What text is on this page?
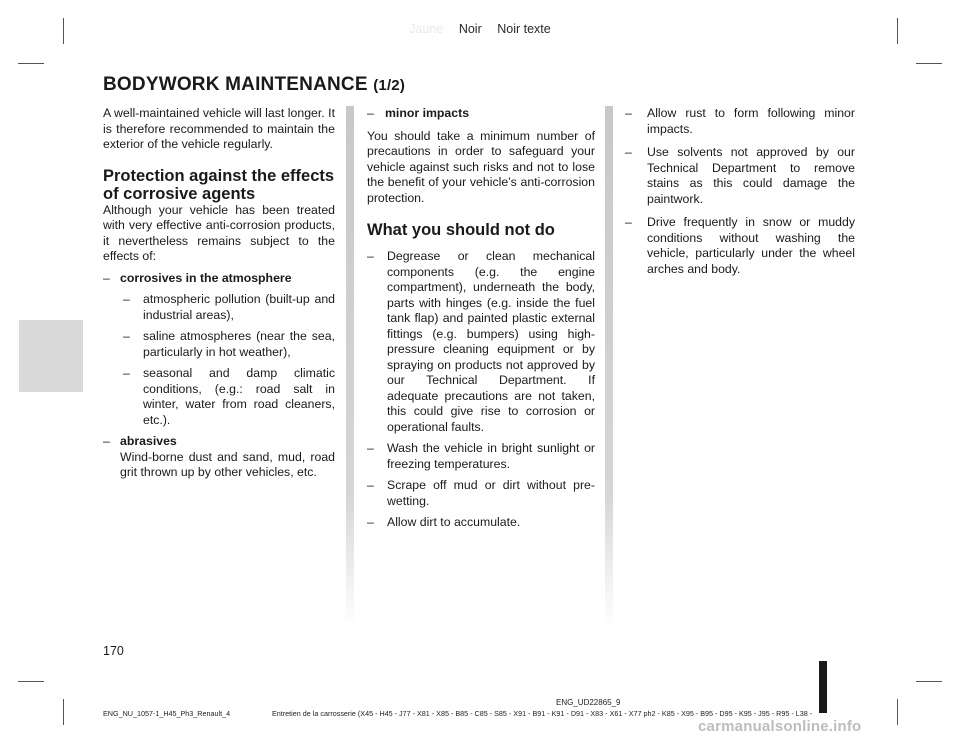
Jaune Noir Noir texte
BODYWORK MAINTENANCE (1/2)

A well-maintained vehicle will last longer. It is therefore recommended to maintain the exterior of the vehicle regularly.

Protection against the effects of corrosive agents

Although your vehicle has been treated with very effective anti-corrosion products, it nevertheless remains subject to the effects of:

– corrosives in the atmosphere
– atmospheric pollution (built-up and industrial areas),
– saline atmospheres (near the sea, particularly in hot weather),
– seasonal and damp climatic conditions, (e.g.: road salt in winter, water from road cleaners, etc.).
– abrasives
Wind-borne dust and sand, mud, road grit thrown up by other vehicles, etc.
– minor impacts

You should take a minimum number of precautions in order to safeguard your vehicle against such risks and not to lose the benefit of your vehicle’s anti-corrosion protection.

What you should not do
– Degrease or clean mechanical components (e.g. the engine compartment), underneath the body, parts with hinges (e.g. inside the fuel tank flap) and painted plastic external fittings (e.g. bumpers) using high-pressure cleaning equipment or by spraying on products not approved by our Technical Department. If adequate precautions are not taken, this could give rise to corrosion or operational faults.
– Wash the vehicle in bright sunlight or freezing temperatures.
– Scrape off mud or dirt without pre-wetting.
– Allow dirt to accumulate.
– Allow rust to form following minor impacts.
– Use solvents not approved by our Technical Department to remove stains as this could damage the paintwork.
– Drive frequently in snow or muddy conditions without washing the vehicle, particularly under the wheel arches and body.
170
ENG_UD22865_9
ENG_NU_1057-1_H45_Ph3_Renault_4	Entretien de la carrosserie (X45 - H45 - J77 - X81 - X85 - B85 - C85 - S85 - X91 - B91 - K91 - D91 - X83 - X61 - X77 ph2 - K85 - X95 - B95 - D95 - K95 - J95 - R95 - L38 -
carmanualsonline.info
